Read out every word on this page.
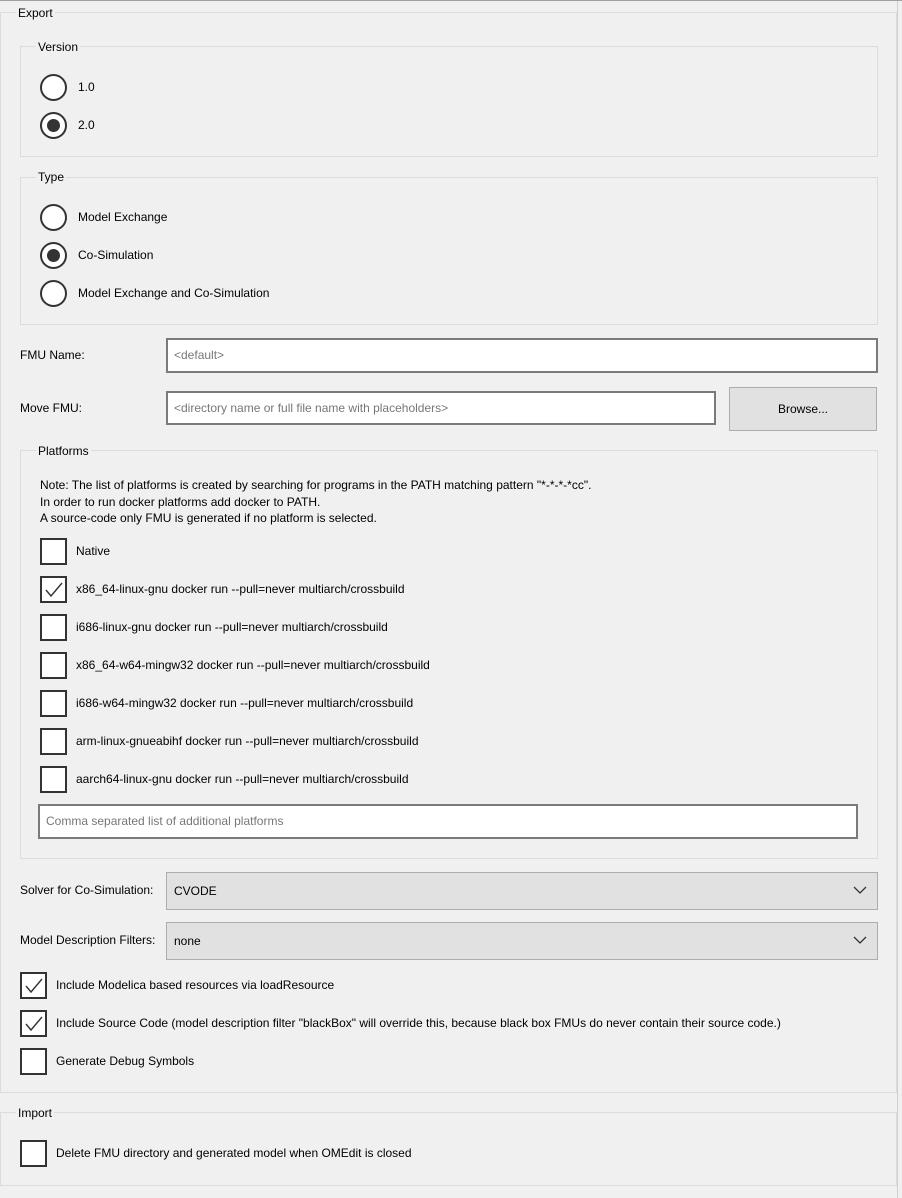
Export
Version
1.0
2.0
Type
Model Exchange
Co-Simulation
Model Exchange and Co-Simulation
FMU Name:	<default>
Move FMU:	<directory name or full file name with placeholders>	Browse...
Platforms
Note: The list of platforms is created by searching for programs in the PATH matching pattern "*-*-*-*cc".
In order to run docker platforms add docker to PATH.
A source-code only FMU is generated if no platform is selected.
Native
x86_64-linux-gnu docker run --pull=never multiarch/crossbuild
i686-linux-gnu docker run --pull=never multiarch/crossbuild
x86_64-w64-mingw32 docker run --pull=never multiarch/crossbuild
i686-w64-mingw32 docker run --pull=never multiarch/crossbuild
arm-linux-gnueabihf docker run --pull=never multiarch/crossbuild
aarch64-linux-gnu docker run --pull=never multiarch/crossbuild
Comma separated list of additional platforms
Solver for Co-Simulation:	CVODE
Model Description Filters:	none
Include Modelica based resources via loadResource
Include Source Code (model description filter "blackBox" will override this, because black box FMUs do never contain their source code.)
Generate Debug Symbols
Import
Delete FMU directory and generated model when OMEdit is closed
